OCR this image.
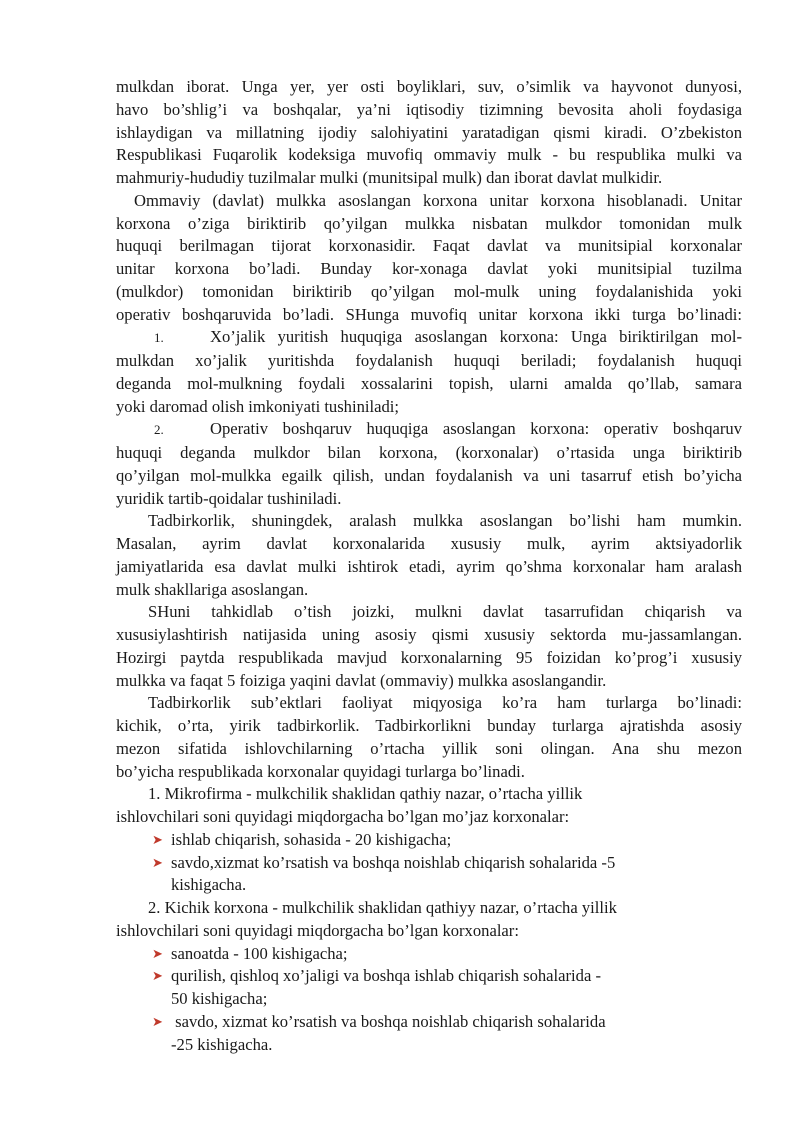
mulkdan iborat. Unga yer, yer osti boyliklari, suv, o’simlik va hayvonot dunyosi,

havo bo’shlig’i va boshqalar, ya’ni iqtisodiy tizimning bevosita aholi foydasiga

ishlaydigan va millatning ijodiy salohiyatini yaratadigan qismi kiradi. O’zbekiston

Respublikasi Fuqarolik kodeksiga muvofiq ommaviy mulk - bu respublika mulki va

mahmuriy-hududiy tuzilmalar mulki (munitsipal mulk) dan iborat davlat mulkidir.

Ommaviy (davlat) mulkka asoslangan korxona unitar korxona hisoblanadi. Unitar

korxona o’ziga biriktirib qo’yilgan mulkka nisbatan mulkdor tomonidan mulk

huquqi berilmagan tijorat korxonasidir. Faqat davlat va munitsipial korxonalar

unitar korxona bo’ladi. Bunday kor-xonaga davlat yoki munitsipial tuzilma

(mulkdor) tomonidan biriktirib qo’yilgan mol-mulk uning foydalanishida yoki

operativ boshqaruvida bo’ladi. SHunga muvofiq unitar korxona ikki turga bo’linadi:

1.	Xo’jalik yuritish huquqiga asoslangan korxona: Unga biriktirilgan mol-

mulkdan xo’jalik yuritishda foydalanish huquqi beriladi; foydalanish huquqi

deganda mol-mulkning foydali xossalarini topish, ularni amalda qo’llab, samara

yoki daromad olish imkoniyati tushiniladi;

2.	Operativ boshqaruv huquqiga asoslangan korxona: operativ boshqaruv

huquqi deganda mulkdor bilan korxona, (korxonalar) o’rtasida unga biriktirib

qo’yilgan mol-mulkka egailk qilish, undan foydalanish va uni tasarruf etish bo’yicha

yuridik tartib-qoidalar tushiniladi.

Tadbirkorlik, shuningdek, aralash mulkka asoslangan bo’lishi ham mumkin.

Masalan, ayrim davlat korxonalarida xususiy mulk, ayrim aktsiyadorlik

jamiyatlarida esa davlat mulki ishtirok etadi, ayrim qo’shma korxonalar ham aralash

mulk shakllariga asoslangan.

SHuni tahkidlab o’tish joizki, mulkni davlat tasarrufidan chiqarish va

xususiylashtirish natijasida uning asosiy qismi xususiy sektorda mu-jassamlangan.

Hozirgi paytda respublikada mavjud korxonalarning 95 foizidan ko’prog’i xususiy

mulkka va faqat 5 foiziga yaqini davlat (ommaviy) mulkka asoslangandir.

Tadbirkorlik sub’ektlari faoliyat miqyosiga ko’ra ham turlarga bo’linadi:

kichik, o’rta, yirik tadbirkorlik. Tadbirkorlikni bunday turlarga ajratishda asosiy

mezon sifatida ishlovchilarning o’rtacha yillik soni olingan. Ana shu mezon

bo’yicha respublikada korxonalar quyidagi turlarga bo’linadi.

1. Mikrofirma - mulkchilik shaklidan qathiy nazar, o’rtacha yillik

ishlovchilari soni quyidagi miqdorgacha bo’lgan mo’jaz korxonalar:

➤ ishlab chiqarish, sohasida - 20 kishigacha;

➤ savdo,xizmat ko’rsatish va boshqa noishlab chiqarish sohalarida -5

kishigacha.

2. Kichik korxona - mulkchilik shaklidan qathiyy nazar, o’rtacha yillik

ishlovchilari soni quyidagi miqdorgacha bo’lgan korxonalar:

➤ sanoatda - 100 kishigacha;

➤ qurilish, qishloq xo’jaligi va boshqa ishlab chiqarish sohalarida -

50 kishigacha;

➤ savdo, xizmat ko’rsatish va boshqa noishlab chiqarish sohalarida

-25 kishigacha.
